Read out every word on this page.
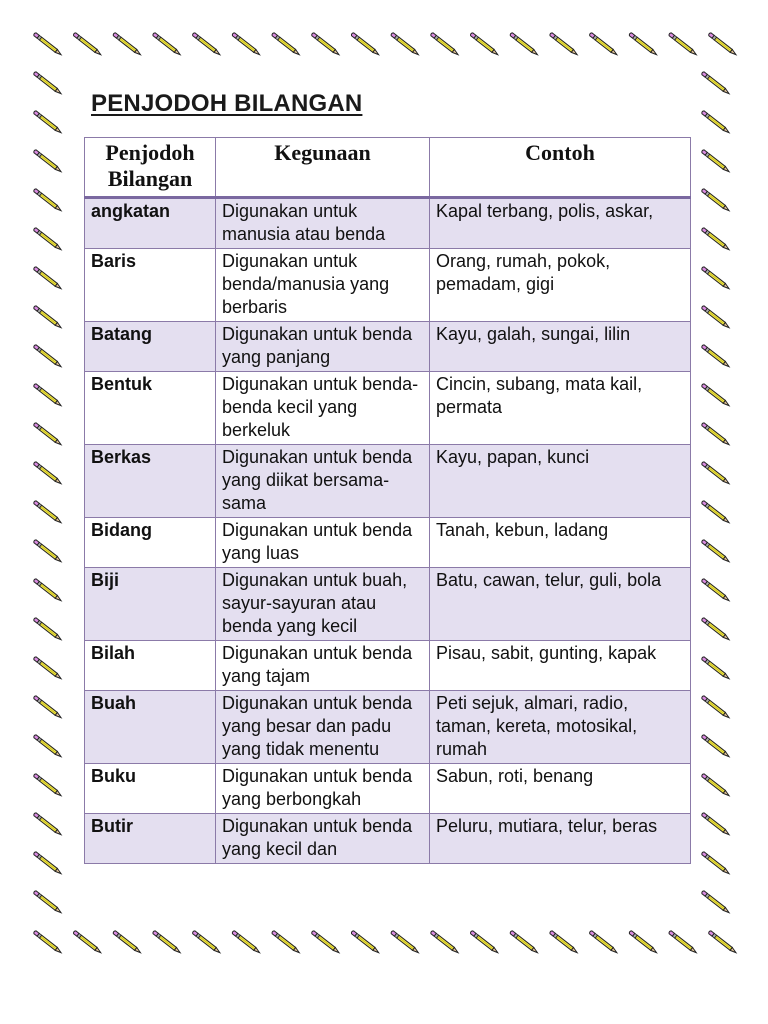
PENJODOH BILANGAN
Penjodoh Bilangan	Kegunaan	Contoh
angkatan	Digunakan untuk manusia atau benda	Kapal terbang, polis, askar,
Baris	Digunakan untuk benda/manusia yang berbaris	Orang, rumah, pokok, pemadam, gigi
Batang	Digunakan untuk benda yang panjang	Kayu, galah, sungai, lilin
Bentuk	Digunakan untuk benda-benda kecil yang berkeluk	Cincin, subang, mata kail, permata
Berkas	Digunakan untuk benda yang diikat bersama-sama	Kayu, papan, kunci
Bidang	Digunakan untuk benda yang luas	Tanah, kebun, ladang
Biji	Digunakan untuk buah, sayur-sayuran atau benda yang kecil	Batu, cawan, telur, guli, bola
Bilah	Digunakan untuk benda yang tajam	Pisau, sabit, gunting, kapak
Buah	Digunakan untuk benda yang besar dan padu yang tidak menentu	Peti sejuk, almari, radio, taman, kereta, motosikal, rumah
Buku	Digunakan untuk benda yang berbongkah	Sabun, roti, benang
Butir	Digunakan untuk benda yang kecil dan	Peluru, mutiara, telur, beras
